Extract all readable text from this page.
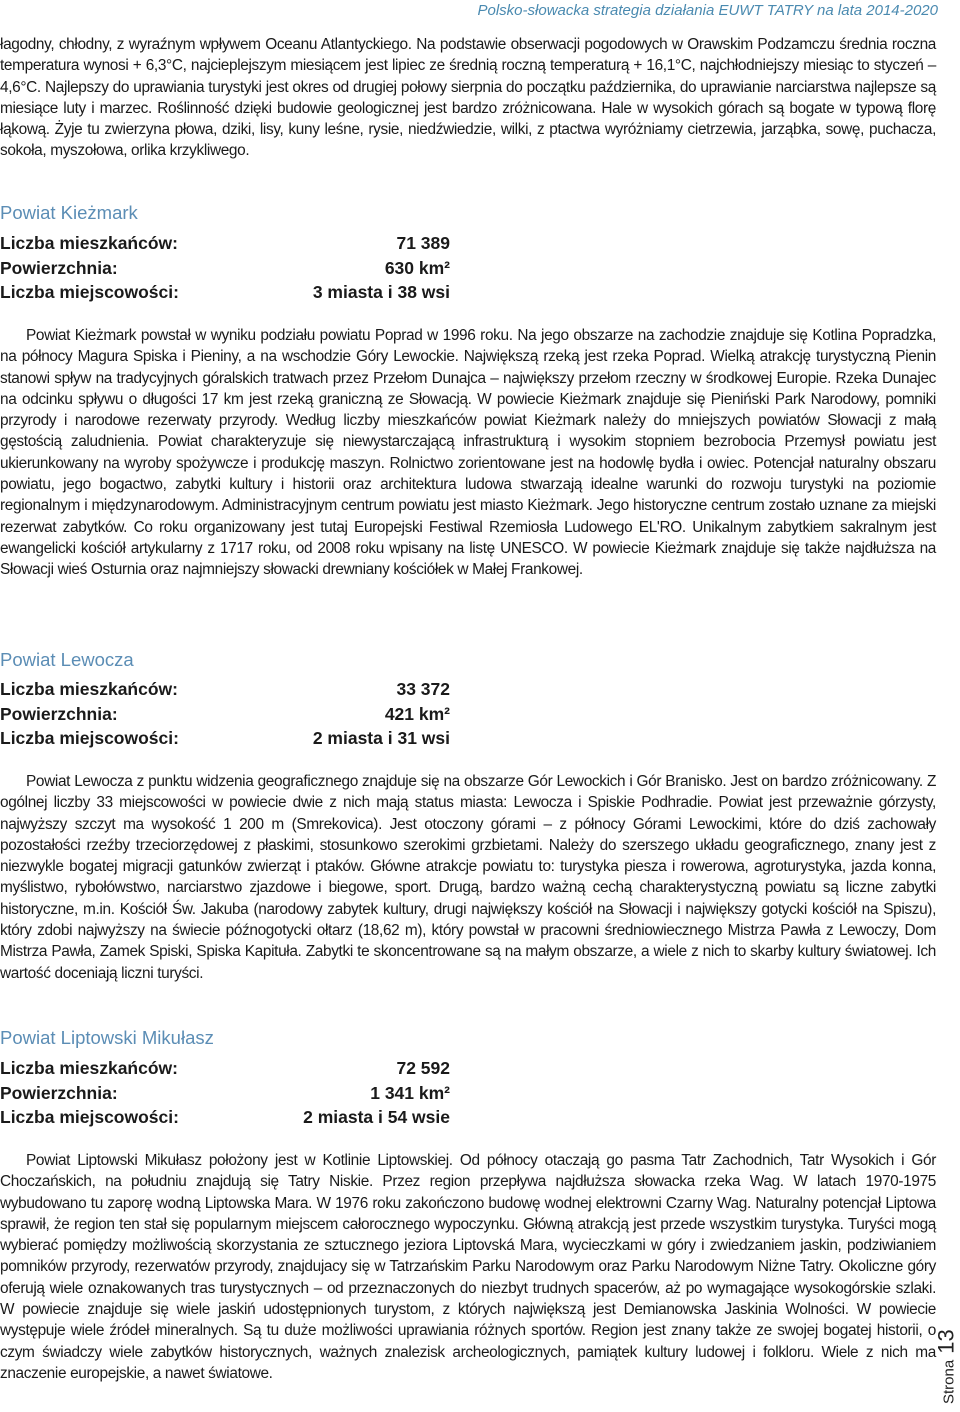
Polsko-słowacka strategia działania EUWT TATRY na lata 2014-2020

łagodny, chłodny, z wyraźnym wpływem Oceanu Atlantyckiego. Na podstawie obserwacji pogodowych w Orawskim Podzamczu średnia roczna temperatura wynosi + 6,3°C, najcieplejszym miesiącem jest lipiec ze średnią roczną temperaturą + 16,1°C, najchłodniejszy miesiąc to styczeń – 4,6°C. Najlepszy do uprawiania turystyki jest okres od drugiej połowy sierpnia do początku października, do uprawianie narciarstwa najlepsze są miesiące luty i marzec. Roślinność dzięki budowie geologicznej jest bardzo zróżnicowana. Hale w wysokich górach są bogate w typową florę łąkową. Żyje tu zwierzyna płowa, dziki, lisy, kuny leśne, rysie, niedźwiedzie, wilki, z ptactwa wyróżniamy cietrzewia, jarząbka, sowę, puchacza, sokoła, myszołowa, orlika krzykliwego.

Powiat Kieżmark
Liczba mieszkańców:	71 389
Powierzchnia:	630 km²
Liczba miejscowości:	3 miasta i 38 wsi

Powiat Kieżmark powstał w wyniku podziału powiatu Poprad w 1996 roku. Na jego obszarze na zachodzie znajduje się Kotlina Popradzka, na północy Magura Spiska i Pieniny, a na wschodzie Góry Lewockie. Największą rzeką jest rzeka Poprad. Wielką atrakcję turystyczną Pienin stanowi spływ na tradycyjnych góralskich tratwach przez Przełom Dunajca – największy przełom rzeczny w środkowej Europie. Rzeka Dunajec na odcinku spływu o długości 17 km jest rzeką graniczną ze Słowacją. W powiecie Kieżmark znajduje się Pieniński Park Narodowy, pomniki przyrody i narodowe rezerwaty przyrody. Według liczby mieszkańców powiat Kieżmark należy do mniejszych powiatów Słowacji z małą gęstością zaludnienia. Powiat charakteryzuje się niewystarczającą infrastrukturą i wysokim stopniem bezrobocia Przemysł powiatu jest ukierunkowany na wyroby spożywcze i produkcję maszyn. Rolnictwo zorientowane jest na hodowlę bydła i owiec. Potencjał naturalny obszaru powiatu, jego bogactwo, zabytki kultury i historii oraz architektura ludowa stwarzają idealne warunki do rozwoju turystyki na poziomie regionalnym i międzynarodowym. Administracyjnym centrum powiatu jest miasto Kieżmark. Jego historyczne centrum zostało uznane za miejski rezerwat zabytków. Co roku organizowany jest tutaj Europejski Festiwal Rzemiosła Ludowego EL'RO. Unikalnym zabytkiem sakralnym jest ewangelicki kościół artykularny z 1717 roku, od 2008 roku wpisany na listę UNESCO. W powiecie Kieżmark znajduje się także najdłuższa na Słowacji wieś Osturnia oraz najmniejszy słowacki drewniany kościółek w Małej Frankowej.

Powiat Lewocza
Liczba mieszkańców:	33 372
Powierzchnia:	421 km²
Liczba miejscowości:	2 miasta i 31 wsi

Powiat Lewocza z punktu widzenia geograficznego znajduje się na obszarze Gór Lewockich i Gór Branisko. Jest on bardzo zróżnicowany. Z ogólnej liczby 33 miejscowości w powiecie dwie z nich mają status miasta: Lewocza i Spiskie Podhradie. Powiat jest przeważnie górzysty, najwyższy szczyt ma wysokość 1 200 m (Smrekovica). Jest otoczony górami – z północy Górami Lewockimi, które do dziś zachowały pozostałości rzeźby trzeciorzędowej z płaskimi, stosunkowo szerokimi grzbietami. Należy do szerszego układu geograficznego, znany jest z niezwykle bogatej migracji gatunków zwierząt i ptaków. Główne atrakcje powiatu to: turystyka piesza i rowerowa, agroturystyka, jazda konna, myślistwo, rybołówstwo, narciarstwo zjazdowe i biegowe, sport. Drugą, bardzo ważną cechą charakterystyczną powiatu są liczne zabytki historyczne, m.in. Kościół Św. Jakuba (narodowy zabytek kultury, drugi największy kościół na Słowacji i największy gotycki kościół na Spiszu), który zdobi najwyższy na świecie późnogotycki ołtarz (18,62 m), który powstał w pracowni średniowiecznego Mistrza Pawła z Lewoczy, Dom Mistrza Pawła, Zamek Spiski, Spiska Kapituła. Zabytki te skoncentrowane są na małym obszarze, a wiele z nich to skarby kultury światowej. Ich wartość doceniają liczni turyści.

Powiat Liptowski Mikułasz
Liczba mieszkańców:	72 592
Powierzchnia:	1 341 km²
Liczba miejscowości:	2 miasta i 54 wsie

Powiat Liptowski Mikułasz położony jest w Kotlinie Liptowskiej. Od północy otaczają go pasma Tatr Zachodnich, Tatr Wysokich i Gór Choczańskich, na południu znajdują się Tatry Niskie. Przez region przepływa najdłuższa słowacka rzeka Wag. W latach 1970-1975 wybudowano tu zaporę wodną Liptowska Mara. W 1976 roku zakończono budowę wodnej elektrowni Czarny Wag. Naturalny potencjał Liptowa sprawił, że region ten stał się popularnym miejscem całorocznego wypoczynku. Główną atrakcją jest przede wszystkim turystyka. Turyści mogą wybierać pomiędzy możliwością skorzystania ze sztucznego jeziora Liptovská Mara, wycieczkami w góry i zwiedzaniem jaskin, podziwianiem pomników przyrody, rezerwatów przyrody, znajdujacy się w Tatrzańskim Parku Narodowym oraz Parku Narodowym Niżne Tatry. Okoliczne góry oferują wiele oznakowanych tras turystycznych – od przeznaczonych do niezbyt trudnych spacerów, aż po wymagające wysokogórskie szlaki. W powiecie znajduje się wiele jaskiń udostępnionych turystom, z których największą jest Demianowska Jaskinia Wolności. W powiecie występuje wiele źródeł mineralnych. Są tu duże możliwości uprawiania różnych sportów. Region jest znany także ze swojej bogatej historii, o czym świadczy wiele zabytków historycznych, ważnych znalezisk archeologicznych, pamiątek kultury ludowej i folkloru. Wiele z nich ma znaczenie europejskie, a nawet światowe.	Strona13
